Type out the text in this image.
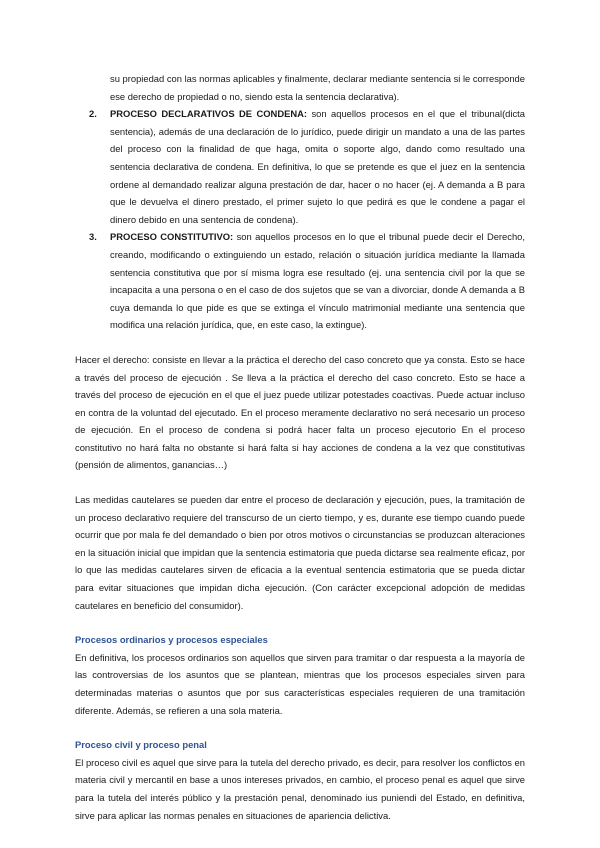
su propiedad con las normas aplicables y finalmente, declarar mediante sentencia si le corresponde ese derecho de propiedad o no, siendo esta la sentencia declarativa).

2. PROCESO DECLARATIVOS DE CONDENA: son aquellos procesos en el que el tribunal(dicta sentencia), además de una declaración de lo jurídico, puede dirigir un mandato a una de las partes del proceso con la finalidad de que haga, omita o soporte algo, dando como resultado una sentencia declarativa de condena. En definitiva, lo que se pretende es que el juez en la sentencia ordene al demandado realizar alguna prestación de dar, hacer o no hacer (ej. A demanda a B para que le devuelva el dinero prestado, el primer sujeto lo que pedirá es que le condene a pagar el dinero debido en una sentencia de condena).

3. PROCESO CONSTITUTIVO: son aquellos procesos en lo que el tribunal puede decir el Derecho, creando, modificando o extinguiendo un estado, relación o situación jurídica mediante la llamada sentencia constitutiva que por sí misma logra ese resultado (ej. una sentencia civil por la que se incapacita a una persona o en el caso de dos sujetos que se van a divorciar, donde A demanda a B cuya demanda lo que pide es que se extinga el vínculo matrimonial mediante una sentencia que modifica una relación jurídica, que, en este caso, la extingue).

Hacer el derecho: consiste en llevar a la práctica el derecho del caso concreto que ya consta. Esto se hace a través del proceso de ejecución . Se lleva a la práctica el derecho del caso concreto. Esto se hace a través del proceso de ejecución en el que el juez puede utilizar potestades coactivas. Puede actuar incluso en contra de la voluntad del ejecutado. En el proceso meramente declarativo no será necesario un proceso de ejecución. En el proceso de condena si podrá hacer falta un proceso ejecutorio En el proceso constitutivo no hará falta no obstante si hará falta si hay acciones de condena a la vez que constitutivas (pensión de alimentos, ganancias…)

Las medidas cautelares se pueden dar entre el proceso de declaración y ejecución, pues, la tramitación de un proceso declarativo requiere del transcurso de un cierto tiempo, y es, durante ese tiempo cuando puede ocurrir que por mala fe del demandado o bien por otros motivos o circunstancias se produzcan alteraciones en la situación inicial que impidan que la sentencia estimatoria que pueda dictarse sea realmente eficaz, por lo que las medidas cautelares sirven de eficacia a la eventual sentencia estimatoria que se pueda dictar para evitar situaciones que impidan dicha ejecución. (Con carácter excepcional adopción de medidas cautelares en beneficio del consumidor).

Procesos ordinarios y procesos especiales

En definitiva, los procesos ordinarios son aquellos que sirven para tramitar o dar respuesta a la mayoría de las controversias de los asuntos que se plantean, mientras que los procesos especiales sirven para determinadas materias o asuntos que por sus características especiales requieren de una tramitación diferente. Además, se refieren a una sola materia.

Proceso civil y proceso penal

El proceso civil es aquel que sirve para la tutela del derecho privado, es decir, para resolver los conflictos en materia civil y mercantil en base a unos intereses privados, en cambio, el proceso penal es aquel que sirve para la tutela del interés público y la prestación penal, denominado ius puniendi del Estado, en definitiva, sirve para aplicar las normas penales en situaciones de apariencia delictiva.
